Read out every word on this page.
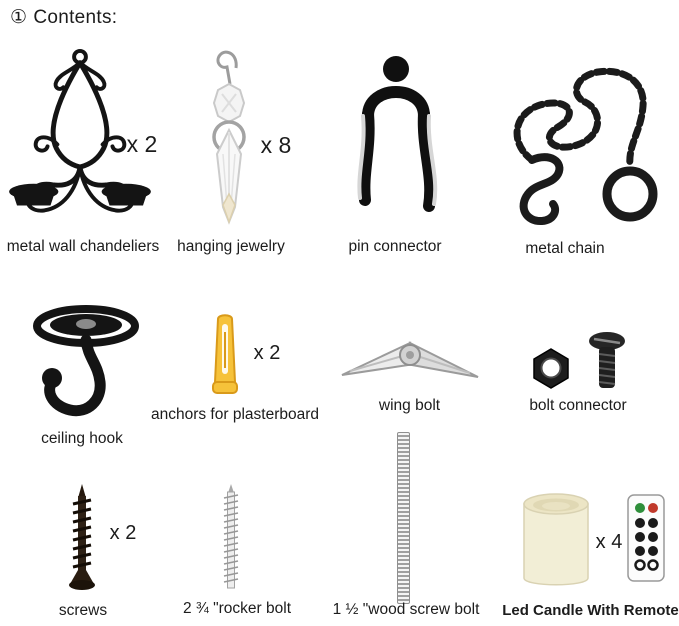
① Contents:
x 2
metal wall chandeliers
x 8
hanging jewelry	pin connector	metal chain
ceiling hook
x 2
anchors for plasterboard
wing bolt	bolt connector
x 2
screws	2 ¾ "rocker bolt	1 ½ "wood screw bolt
x 4
Led Candle With Remote
